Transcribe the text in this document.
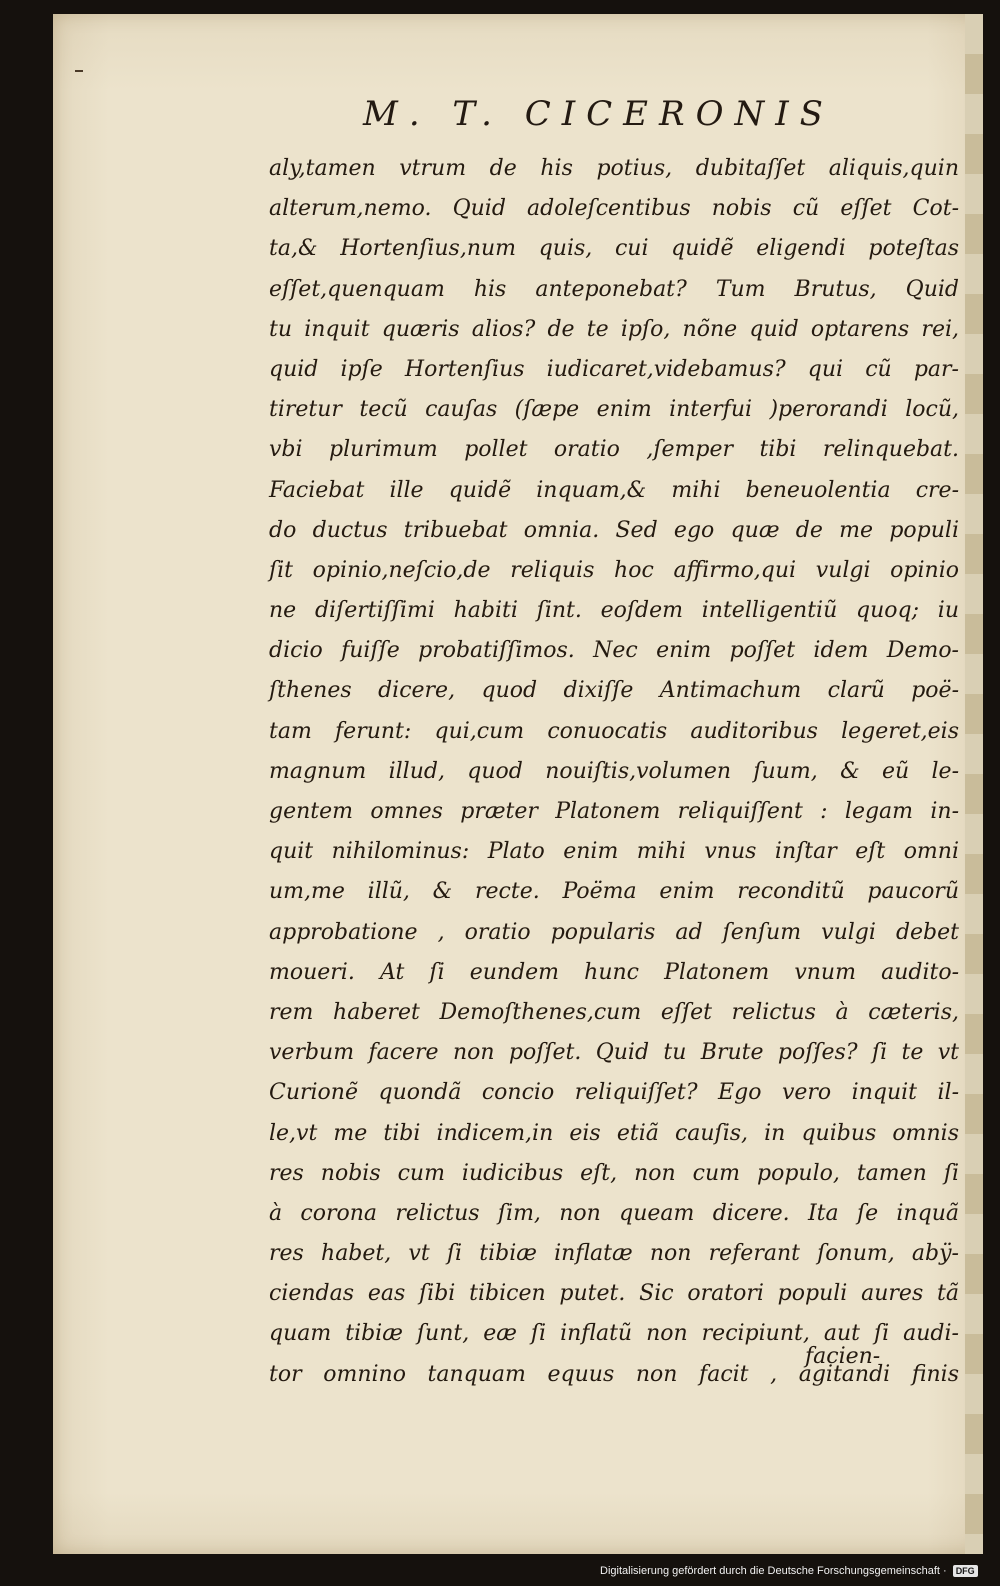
M. T. CICERONIS
aly,tamen vtrum de his potius, dubitaſſet aliquis,quin
alterum,nemo. Quid adoleſcentibus nobis cũ eſſet Cot-
ta,& Hortenſius,num quis, cui quidẽ eligendi poteſtas
eſſet,quenquam his anteponebat? Tum Brutus, Quid
tu inquit quæris alios? de te ipſo, nõne quid optarens rei,
quid ipſe Hortenſius iudicaret,videbamus? qui cũ par-
tiretur tecũ cauſas (ſæpe enim interfui )perorandi locũ,
vbi plurimum pollet oratio ,ſemper tibi relinquebat.
Faciebat ille quidẽ inquam,& mihi beneuolentia cre-
do ductus tribuebat omnia. Sed ego quæ de me populi
ſit opinio,neſcio,de reliquis hoc affirmo,qui vulgi opinio
ne diſertiſſimi habiti ſint. eoſdem intelligentiũ quoq; iu
dicio fuiſſe probatiſſimos. Nec enim poſſet idem Demo-
ſthenes dicere, quod dixiſſe Antimachum clarũ poë-
tam ferunt: qui,cum conuocatis auditoribus legeret,eis
magnum illud, quod nouiſtis,volumen ſuum, & eũ le-
gentem omnes præter Platonem reliquiſſent : legam in-
quit nihilominus: Plato enim mihi vnus inſtar eſt omni
um,me illũ, & recte. Poëma enim reconditũ paucorũ
approbatione , oratio popularis ad ſenſum vulgi debet
moueri. At ſi eundem hunc Platonem vnum audito-
rem haberet Demoſthenes,cum eſſet relictus à cæteris,
verbum facere non poſſet. Quid tu Brute poſſes? ſi te vt
Curionẽ quondã concio reliquiſſet? Ego vero inquit il-
le,vt me tibi indicem,in eis etiã cauſis, in quibus omnis
res nobis cum iudicibus eſt, non cum populo, tamen ſi
à corona relictus ſim, non queam dicere. Ita ſe inquã
res habet, vt ſi tibiæ inflatæ non referant ſonum, abÿ-
ciendas eas ſibi tibicen putet. Sic oratori populi aures tã
quam tibiæ ſunt, eæ ſi inflatũ non recipiunt, aut ſi audi-
tor omnino tanquam equus non facit , agitandi finis
facien-
Digitalisierung gefördert durch die Deutsche Forschungsgemeinschaft ·	DFG
